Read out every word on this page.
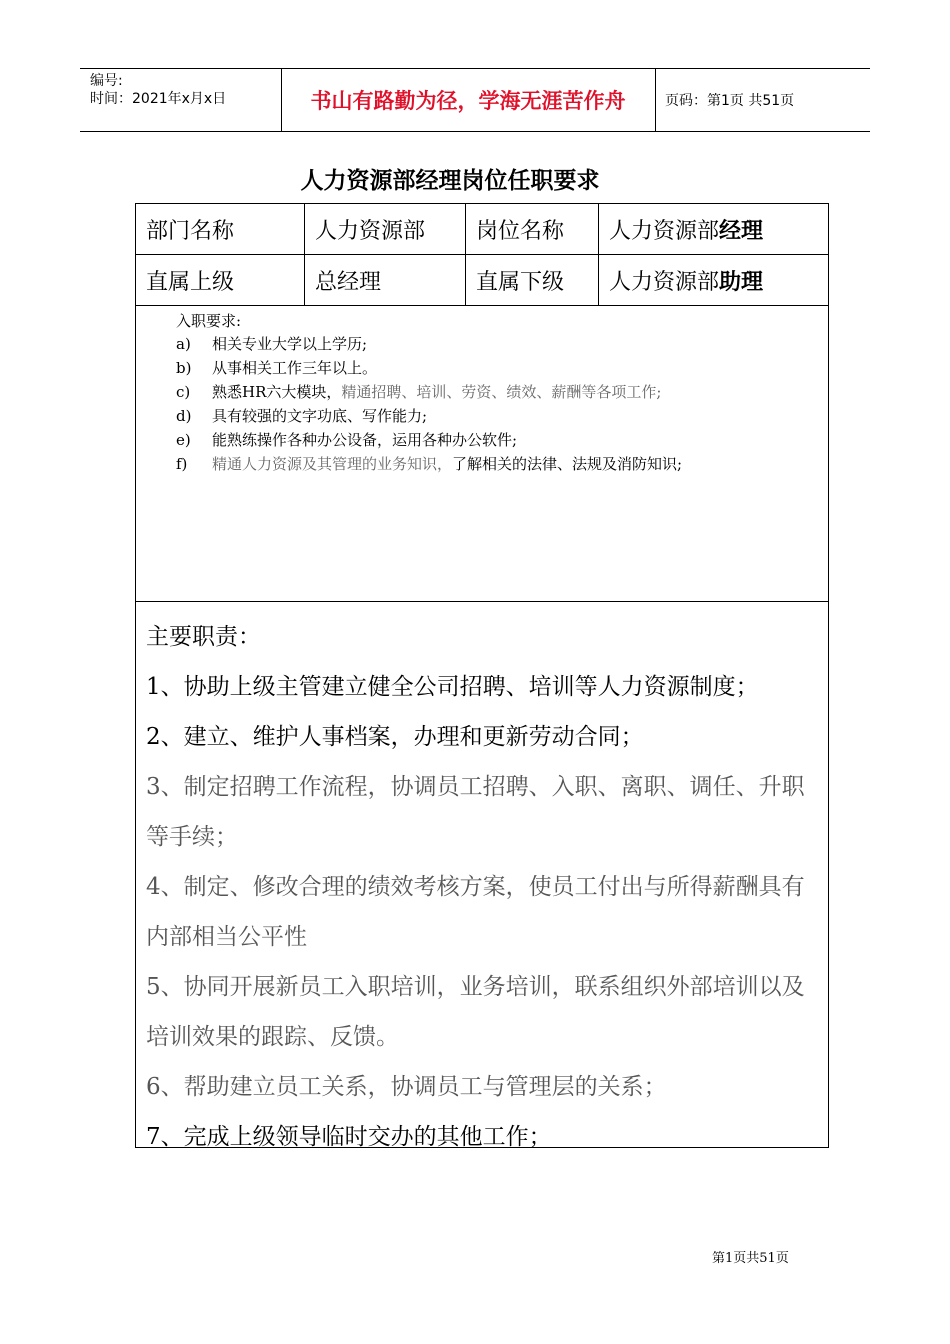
编号:
时间：2021年x月x日	书山有路勤为径，学海无涯苦作舟	页码：第1页 共51页
人力资源部经理岗位任职要求
部门名称	人力资源部	岗位名称	人力资源部 经理
直属上级	总经理	直属下级	人力资源部 助理
入职要求:
a) 相关专业大学以上学历;
b) 从事相关工作三年以上。
c) 熟悉HR六大模块，精通招聘、培训、劳资、绩效、薪酬等各项工作;
d) 具有较强的文字功底、写作能力;
e) 能熟练操作各种办公设备，运用各种办公软件;
f) 精通人力资源及其管理的业务知识，了解相关的法律、法规及消防知识;

主要职责：

1、协助上级主管建立健全公司招聘、培训等人力资源制度；

2、建立、维护人事档案，办理和更新劳动合同；

3、制定招聘工作流程，协调员工招聘、入职、离职、调任、升职等手续；

4、制定、修改合理的绩效考核方案，使员工付出与所得薪酬具有内部相当公平性

5、协同开展新员工入职培训，业务培训，联系组织外部培训以及培训效果的跟踪、反馈。

6、帮助建立员工关系，协调员工与管理层的关系；

7、完成上级领导临时交办的其他工作；

第1页共51页
